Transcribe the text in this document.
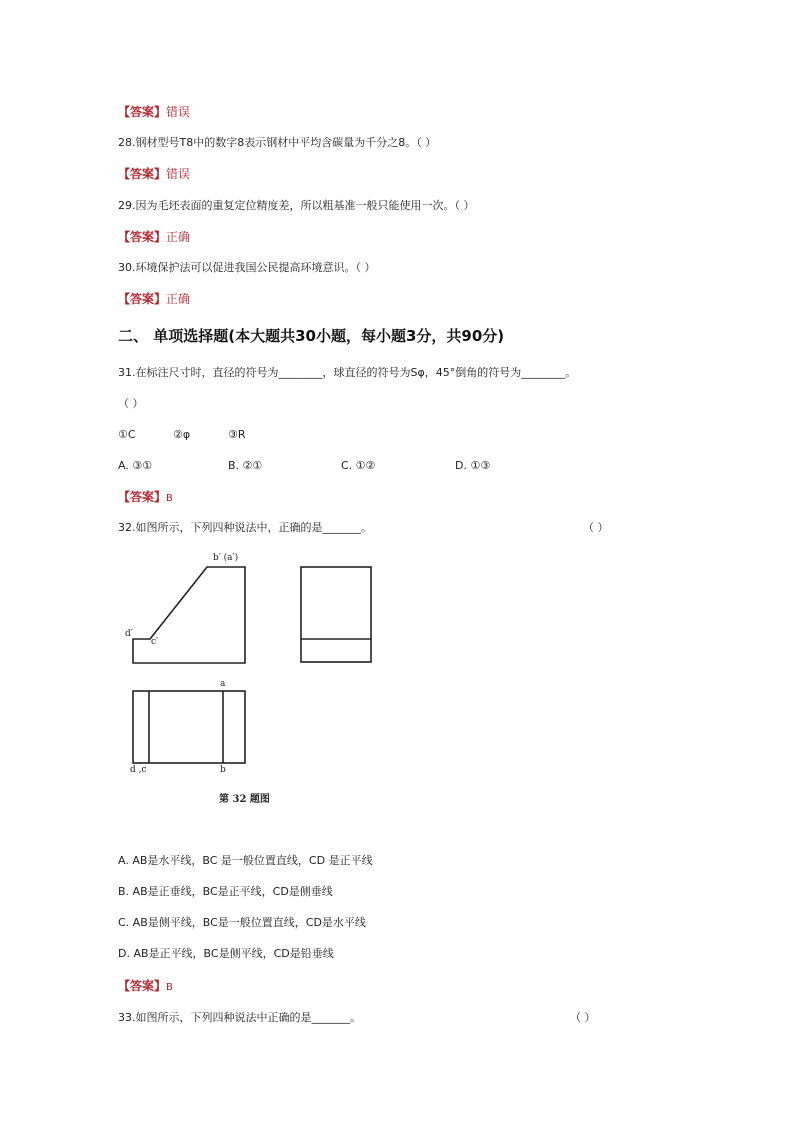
【答案】错误
28.钢材型号T8中的数字8表示钢材中平均含碳量为千分之8。（ ）
【答案】错误
29.因为毛坯表面的重复定位精度差，所以粗基准一般只能使用一次。（ ）
【答案】正确
30.环境保护法可以促进我国公民提高环境意识。（ ）
【答案】正确
二、 单项选择题(本大题共30小题，每小题3分，共90分)
31.在标注尺寸时，直径的符号为________，球直径的符号为Sφ，45°倒角的符号为________。
（ ）
①C	②φ	③R
A. ③①	B. ②①	C. ①②	D. ①③
【答案】B
32.如图所示，下列四种说法中，正确的是_______。	（ ）
b′ (a′)
d′
c′
a
d ,c	b
第 32 题图
A. AB是水平线，BC 是一般位置直线，CD 是正平线
B. AB是正垂线，BC是正平线，CD是侧垂线
C. AB是侧平线，BC是一般位置直线，CD是水平线
D. AB是正平线，BC是侧平线，CD是铅垂线
【答案】B
33.如图所示，下列四种说法中正确的是_______。	（ ）
